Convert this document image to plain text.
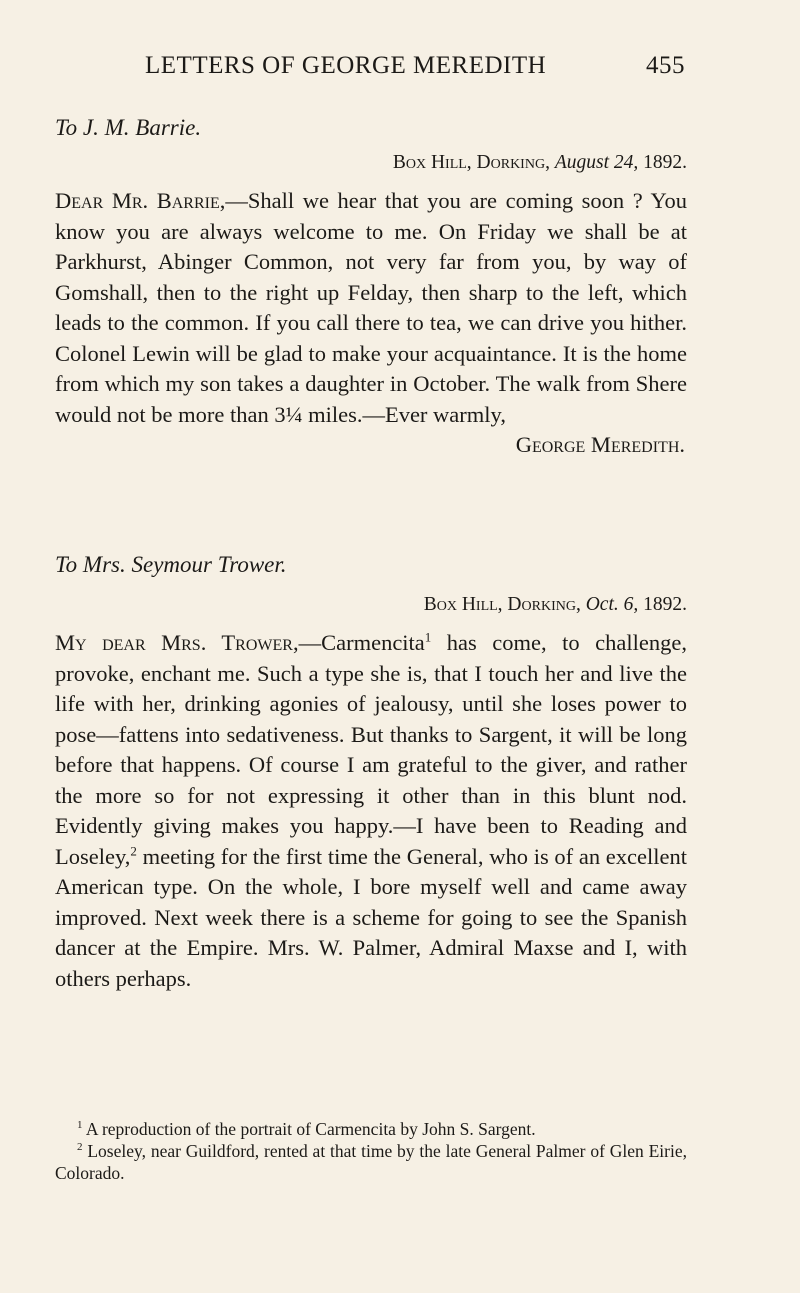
LETTERS OF GEORGE MEREDITH	455
To J. M. Barrie.
Box Hill, Dorking, August 24, 1892.

Dear Mr. Barrie,—Shall we hear that you are coming soon ? You know you are always welcome to me. On Friday we shall be at Parkhurst, Abinger Common, not very far from you, by way of Gomshall, then to the right up Felday, then sharp to the left, which leads to the common. If you call there to tea, we can drive you hither. Colonel Lewin will be glad to make your acquaintance. It is the home from which my son takes a daughter in October. The walk from Shere would not be more than 3¼ miles.—Ever warmly,

George Meredith.

To Mrs. Seymour Trower.
Box Hill, Dorking, Oct. 6, 1892.

My dear Mrs. Trower,—Carmencita$^1$ has come, to challenge, provoke, enchant me. Such a type she is, that I touch her and live the life with her, drinking agonies of jealousy, until she loses power to pose—fattens into sedativeness. But thanks to Sargent, it will be long before that happens. Of course I am grateful to the giver, and rather the more so for not expressing it other than in this blunt nod. Evidently giving makes you happy.—I have been to Reading and Loseley,$^2$ meeting for the first time the General, who is of an excellent American type. On the whole, I bore myself well and came away improved. Next week there is a scheme for going to see the Spanish dancer at the Empire. Mrs. W. Palmer, Admiral Maxse and I, with others perhaps.

$^1$ A reproduction of the portrait of Carmencita by John S. Sargent.

$^2$ Loseley, near Guildford, rented at that time by the late General Palmer of Glen Eirie, Colorado.
